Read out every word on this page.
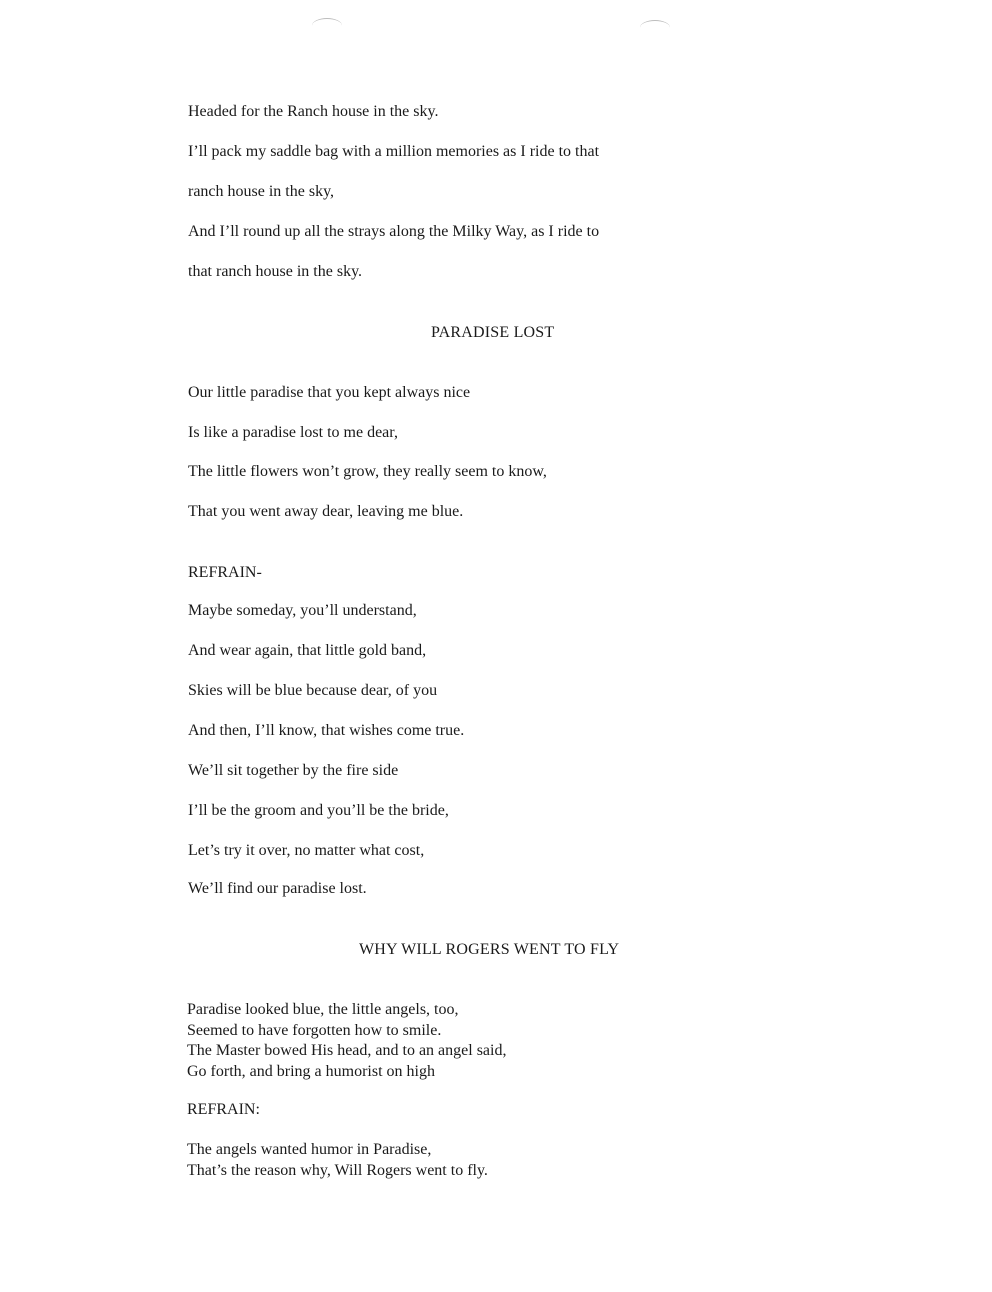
Headed for the Ranch house in the sky.
I’ll pack my saddle bag with a million memories as I ride to that
ranch house in the sky,
And I’ll round up all the strays along the Milky Way, as I ride to
that ranch house in the sky.
PARADISE LOST
Our little paradise that you kept always nice
Is like a paradise lost to me dear,
The little flowers won’t grow, they really seem to know,
That you went away dear, leaving me blue.
REFRAIN-
Maybe someday, you’ll understand,
And wear again, that little gold band,
Skies will be blue because dear, of you
And then, I’ll know, that wishes come true.
We’ll sit together by the fire side
I’ll be the groom and you’ll be the bride,
Let’s try it over, no matter what cost,
We’ll find our paradise lost.
WHY WILL ROGERS WENT TO FLY
Paradise looked blue, the little angels, too,
Seemed to have forgotten how to smile.
The Master bowed His head, and to an angel said,
Go forth, and bring a humorist on high
REFRAIN:
The angels wanted humor in Paradise,
That’s the reason why, Will Rogers went to fly.
